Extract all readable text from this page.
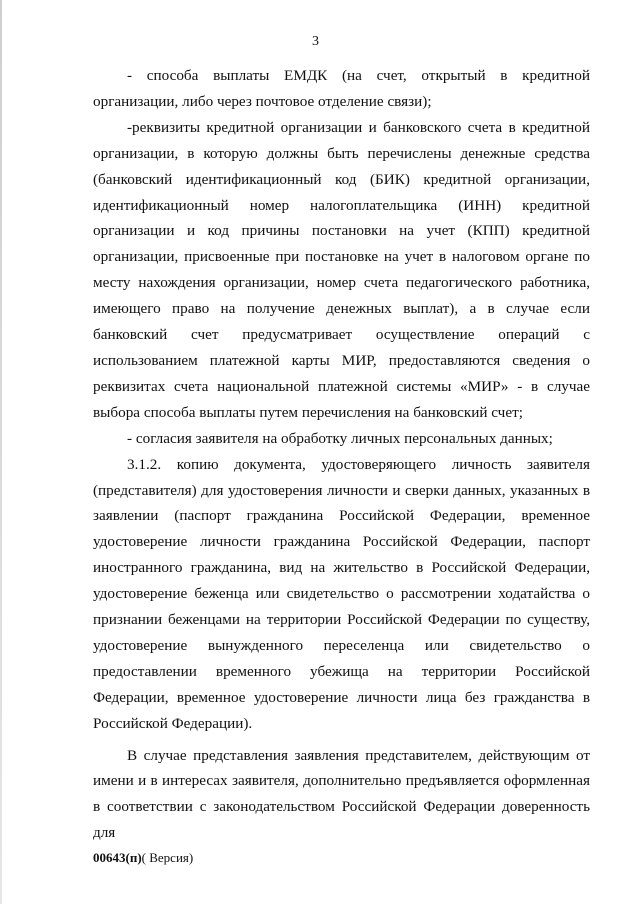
3

- способа выплаты ЕМДК (на счет, открытый в кредитной организации, либо через почтовое отделение связи);

-реквизиты кредитной организации и банковского счета в кредитной организации, в которую должны быть перечислены денежные средства (банковский идентификационный код (БИК) кредитной организации, идентификационный номер налогоплательщика (ИНН) кредитной организации и код причины постановки на учет (КПП) кредитной организации, присвоенные при постановке на учет в налоговом органе по месту нахождения организации, номер счета педагогического работника, имеющего право на получение денежных выплат), а в случае если банковский счет предусматривает осуществление операций с использованием платежной карты МИР, предоставляются сведения о реквизитах счета национальной платежной системы «МИР» - в случае выбора способа выплаты путем перечисления на банковский счет;

- согласия заявителя на обработку личных персональных данных;

3.1.2. копию документа, удостоверяющего личность заявителя (представителя) для удостоверения личности и сверки данных, указанных в заявлении (паспорт гражданина Российской Федерации, временное удостоверение личности гражданина Российской Федерации, паспорт иностранного гражданина, вид на жительство в Российской Федерации, удостоверение беженца или свидетельство о рассмотрении ходатайства о признании беженцами на территории Российской Федерации по существу, удостоверение вынужденного переселенца или свидетельство о предоставлении временного убежища на территории Российской Федерации, временное удостоверение личности лица без гражданства в Российской Федерации).

В случае представления заявления представителем, действующим от имени и в интересах заявителя, дополнительно предъявляется оформленная в соответствии с законодательством Российской Федерации доверенность для

00643(п)( Версия)
